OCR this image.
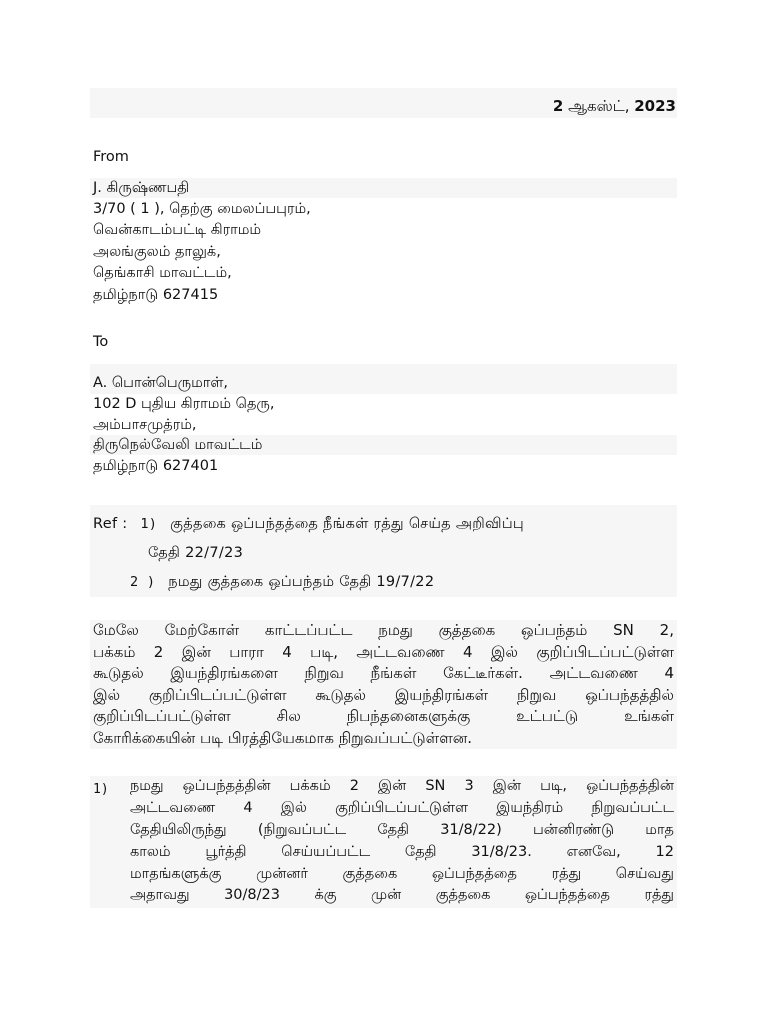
2 ஆகஸ்ட், 2023
From
J. கிருஷ்ணபதி
3/70 ( 1 ), தெற்கு மைலப்பபுரம்,
வென்காடம்பட்டி கிராமம்
அலங்குலம் தாலுக்,
தெங்காசி மாவட்டம்,
தமிழ்நாடு 627415
To
A. பொன்பெருமாள்,
102 D புதிய கிராமம் தெரு,
அம்பாசமுத்ரம்,
திருநெல்வேலி மாவட்டம்
தமிழ்நாடு 627401
Ref : 1) குத்தகை ஒப்பந்தத்தை நீங்கள் ரத்து செய்த அறிவிப்பு
தேதி 22/7/23
2 ) நமது குத்தகை ஒப்பந்தம் தேதி 19/7/22
மேலே மேற்கோள் காட்டப்பட்ட நமது குத்தகை ஒப்பந்தம் SN 2,
பக்கம் 2 இன் பாரா 4 படி, அட்டவணை 4 இல் குறிப்பிடப்பட்டுள்ள
கூடுதல் இயந்திரங்களை நிறுவ நீங்கள் கேட்டீர்கள். அட்டவணை 4
இல் குறிப்பிடப்பட்டுள்ள கூடுதல் இயந்திரங்கள் நிறுவ ஒப்பந்தத்தில்
குறிப்பிடப்பட்டுள்ள சில நிபந்தனைகளுக்கு உட்பட்டு உங்கள்
கோரிக்கையின் படி பிரத்தியேகமாக நிறுவப்பட்டுள்ளன.
1) நமது ஒப்பந்தத்தின் பக்கம் 2 இன் SN 3 இன் படி, ஒப்பந்தத்தின்
அட்டவணை 4 இல் குறிப்பிடப்பட்டுள்ள இயந்திரம் நிறுவப்பட்ட
தேதியிலிருந்து (நிறுவப்பட்ட தேதி 31/8/22) பன்னிரண்டு மாத
காலம் பூர்த்தி செய்யப்பட்ட தேதி 31/8/23. எனவே, 12
மாதங்களுக்கு முன்னர் குத்தகை ஒப்பந்தத்தை ரத்து செய்வது
அதாவது 30/8/23 க்கு முன் குத்தகை ஒப்பந்தத்தை ரத்து
